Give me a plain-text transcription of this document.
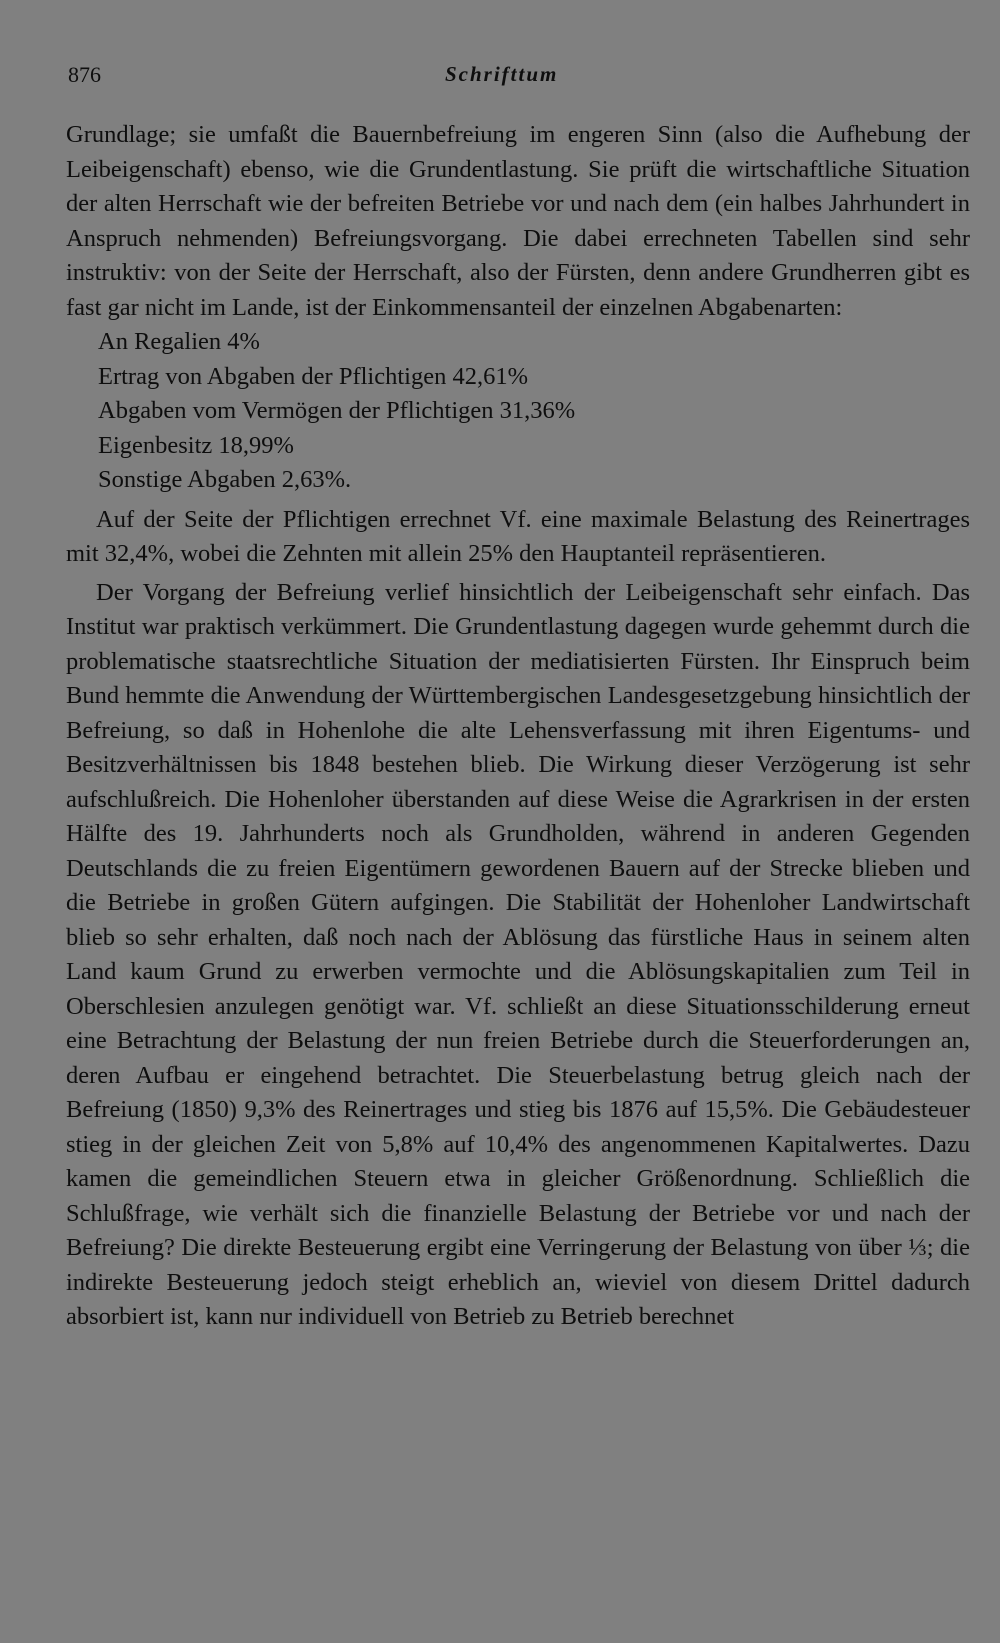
876	Schrifttum

Grundlage; sie umfaßt die Bauernbefreiung im engeren Sinn (also die Aufhebung der Leibeigenschaft) ebenso, wie die Grundentlastung. Sie prüft die wirtschaftliche Situation der alten Herrschaft wie der befreiten Betriebe vor und nach dem (ein halbes Jahrhundert in Anspruch nehmenden) Befreiungsvorgang. Die dabei errechneten Tabellen sind sehr instruktiv: von der Seite der Herrschaft, also der Fürsten, denn andere Grundherren gibt es fast gar nicht im Lande, ist der Einkommensanteil der einzelnen Abgabenarten:

An Regalien 4%
Ertrag von Abgaben der Pflichtigen 42,61%
Abgaben vom Vermögen der Pflichtigen 31,36%
Eigenbesitz 18,99%
Sonstige Abgaben 2,63%.

Auf der Seite der Pflichtigen errechnet Vf. eine maximale Belastung des Reinertrages mit 32,4%, wobei die Zehnten mit allein 25% den Hauptanteil repräsentieren.

Der Vorgang der Befreiung verlief hinsichtlich der Leibeigenschaft sehr einfach. Das Institut war praktisch verkümmert. Die Grundentlastung dagegen wurde gehemmt durch die problematische staatsrechtliche Situation der mediatisierten Fürsten. Ihr Einspruch beim Bund hemmte die Anwendung der Württembergischen Landesgesetzgebung hinsichtlich der Befreiung, so daß in Hohenlohe die alte Lehensverfassung mit ihren Eigentums- und Besitzverhältnissen bis 1848 bestehen blieb. Die Wirkung dieser Verzögerung ist sehr aufschlußreich. Die Hohenloher überstanden auf diese Weise die Agrarkrisen in der ersten Hälfte des 19. Jahrhunderts noch als Grundholden, während in anderen Gegenden Deutschlands die zu freien Eigentümern gewordenen Bauern auf der Strecke blieben und die Betriebe in großen Gütern aufgingen. Die Stabilität der Hohenloher Landwirtschaft blieb so sehr erhalten, daß noch nach der Ablösung das fürstliche Haus in seinem alten Land kaum Grund zu erwerben vermochte und die Ablösungskapitalien zum Teil in Oberschlesien anzulegen genötigt war. Vf. schließt an diese Situationsschilderung erneut eine Betrachtung der Belastung der nun freien Betriebe durch die Steuerforderungen an, deren Aufbau er eingehend betrachtet. Die Steuerbelastung betrug gleich nach der Befreiung (1850) 9,3% des Reinertrages und stieg bis 1876 auf 15,5%. Die Gebäudesteuer stieg in der gleichen Zeit von 5,8% auf 10,4% des angenommenen Kapitalwertes. Dazu kamen die gemeindlichen Steuern etwa in gleicher Größenordnung. Schließlich die Schlußfrage, wie verhält sich die finanzielle Belastung der Betriebe vor und nach der Befreiung? Die direkte Besteuerung ergibt eine Verringerung der Belastung von über ⅓; die indirekte Besteuerung jedoch steigt erheblich an, wieviel von diesem Drittel dadurch absorbiert ist, kann nur individuell von Betrieb zu Betrieb berechnet
